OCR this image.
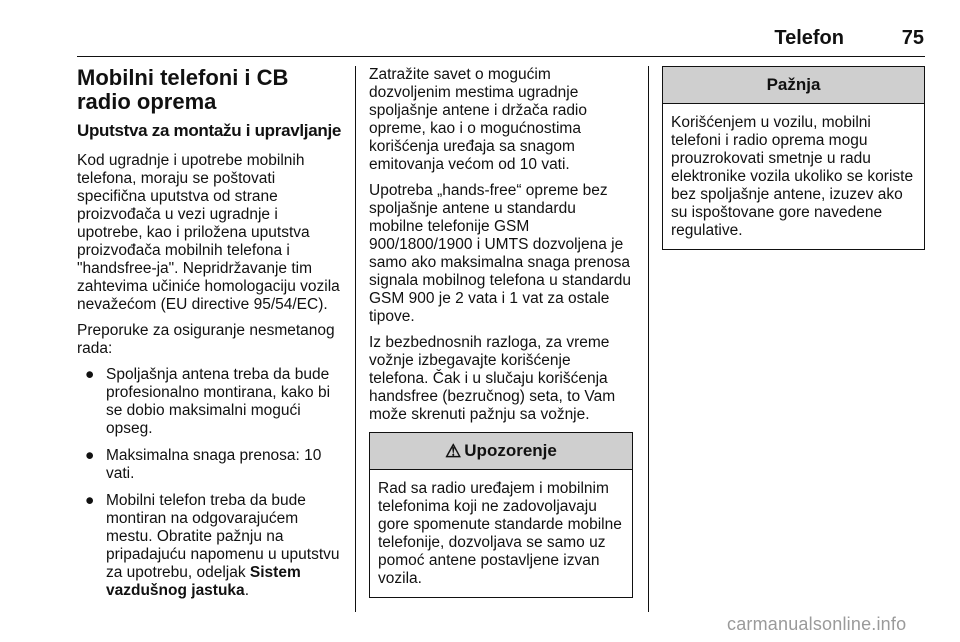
Telefon	75
Mobilni telefoni i CB radio oprema
Uputstva za montažu i upravljanje

Kod ugradnje i upotrebe mobilnih telefona, moraju se poštovati specifična uputstva od strane proizvođača u vezi ugradnje i upotrebe, kao i priložena uputstva proizvođača mobilnih telefona i "handsfree-ja". Nepridržavanje tim zahtevima učiniće homologaciju vozila nevažećom (EU directive 95/54/EC).

Preporuke za osiguranje nesmetanog rada:

● Spoljašnja antena treba da bude profesionalno montirana, kako bi se dobio maksimalni mogući opseg.
● Maksimalna snaga prenosa: 10 vati.
● Mobilni telefon treba da bude montiran na odgovarajućem mestu. Obratite pažnju na pripadajuću napomenu u uputstvu za upotrebu, odeljak Sistem vazdušnog jastuka.

Zatražite savet o mogućim dozvoljenim mestima ugradnje spoljašnje antene i držača radio opreme, kao i o mogućnostima korišćenja uređaja sa snagom emitovanja većom od 10 vati.

Upotreba „hands-free“ opreme bez spoljašnje antene u standardu mobilne telefonije GSM 900/1800/1900 i UMTS dozvoljena je samo ako maksimalna snaga prenosa signala mobilnog telefona u standardu GSM 900 je 2 vata i 1 vat za ostale tipove.

Iz bezbednosnih razloga, za vreme vožnje izbegavajte korišćenje telefona. Čak i u slučaju korišćenja handsfree (bezručnog) seta, to Vam može skrenuti pažnju sa vožnje.

⚠ Upozorenje

Rad sa radio uređajem i mobilnim telefonima koji ne zadovoljavaju gore spomenute standarde mobilne telefonije, dozvoljava se samo uz pomoć antene postavljene izvan vozila.

Pažnja

Korišćenjem u vozilu, mobilni telefoni i radio oprema mogu prouzrokovati smetnje u radu elektronike vozila ukoliko se koriste bez spoljašnje antene, izuzev ako su ispoštovane gore navedene regulative.

carmanualsonline.info
